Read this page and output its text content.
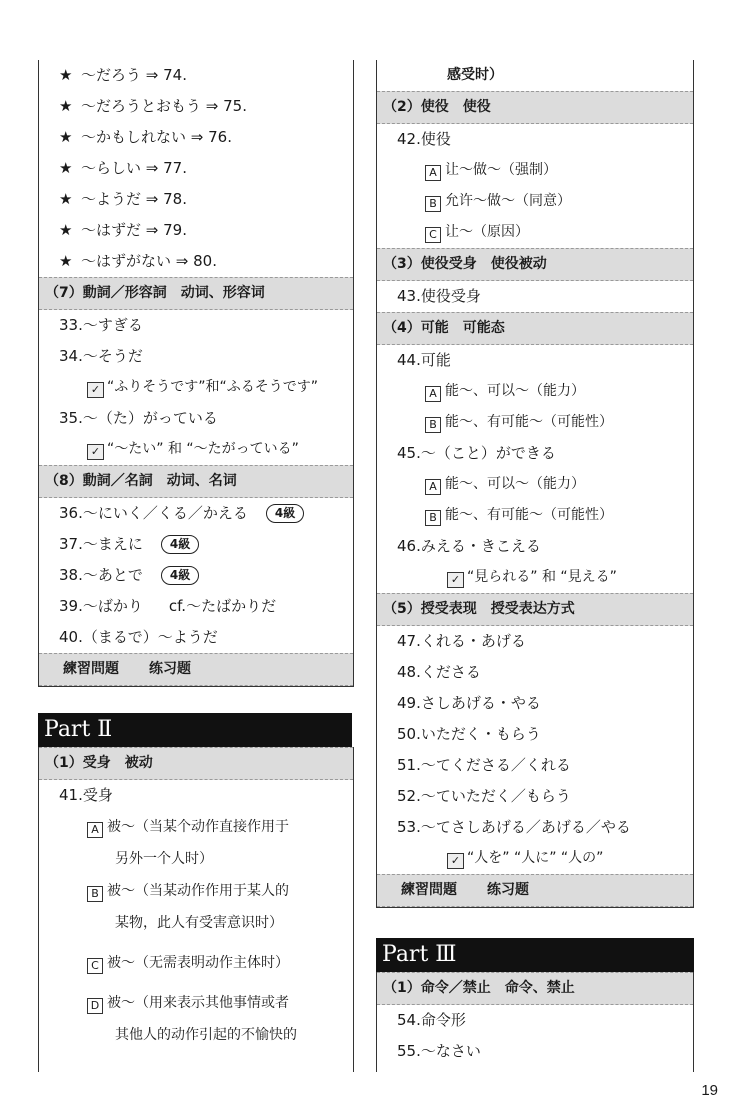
★ ～だろう ⇒ 74.
★ ～だろうとおもう ⇒ 75.
★ ～かもしれない ⇒ 76.
★ ～らしい ⇒ 77.
★ ～ようだ ⇒ 78.
★ ～はずだ ⇒ 79.
★ ～はずがない ⇒ 80.
（7）動詞／形容詞　动词、形容词
33.～すぎる
34.～そうだ
✓ “ふりそうです”和“ふるそうです”
35.～（た）がっている
✓ “～たい” 和 “～たがっている”
（8）動詞／名詞　动词、名词
36.～にいく／くる／かえる 4級
37.～まえに 4級
38.～あとで 4級
39.～ばかり cf.～たばかりだ
40.（まるで）～ようだ
練習問題 练习题
Part Ⅱ
（1）受身　被动
41.受身
A 被～（当某个动作直接作用于
另外一个人时）
B 被～（当某动作作用于某人的
某物，此人有受害意识时）
C 被～（无需表明动作主体时）
D 被～（用来表示其他事情或者
其他人的动作引起的不愉快的
感受时）
（2）使役　使役
42.使役
A 让～做～（强制）
B 允许～做～（同意）
C 让～（原因）
（3）使役受身　使役被动
43.使役受身
（4）可能　可能态
44.可能
A 能～、可以～（能力）
B 能～、有可能～（可能性）
45.～（こと）ができる
A 能～、可以～（能力）
B 能～、有可能～（可能性）
46.みえる・きこえる
✓ “見られる” 和 “見える”
（5）授受表现　授受表达方式
47.くれる・あげる
48.くださる
49.さしあげる・やる
50.いただく・もらう
51.～てくださる／くれる
52.～ていただく／もらう
53.～てさしあげる／あげる／やる
✓ “人を” “人に” “人の”
練習問題 练习题
Part Ⅲ
（1）命令／禁止　命令、禁止
54.命令形
55.～なさい
19
